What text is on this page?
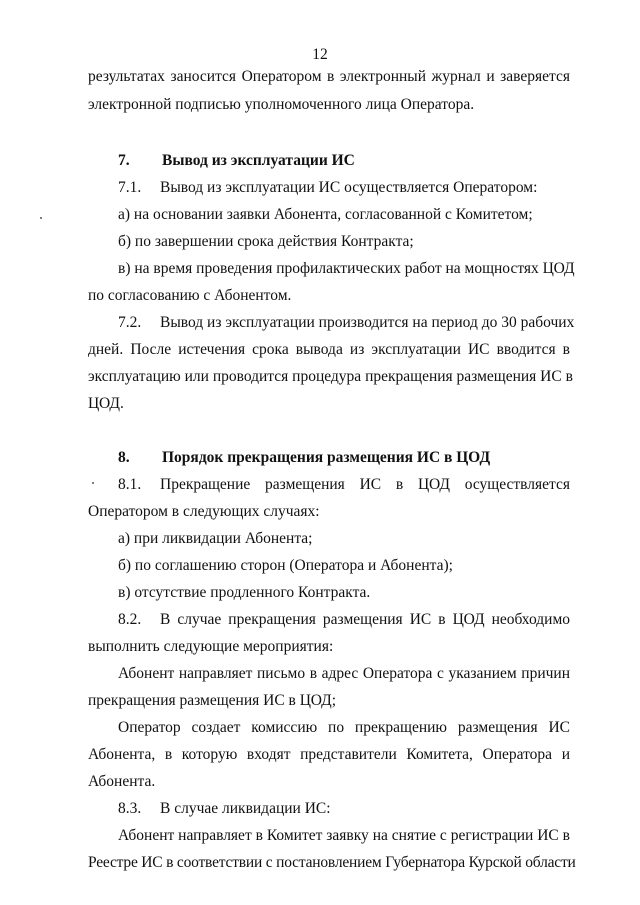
12
результатах заносится Оператором в электронный журнал и заверяется
электронной подписью уполномоченного лица Оператора.
7. Вывод из эксплуатации ИС
7.1. Вывод из эксплуатации ИС осуществляется Оператором:
а) на основании заявки Абонента, согласованной с Комитетом;
б) по завершении срока действия Контракта;
в) на время проведения профилактических работ на мощностях ЦОД
по согласованию с Абонентом.
7.2. Вывод из эксплуатации производится на период до 30 рабочих
дней. После истечения срока вывода из эксплуатации ИС вводится в
эксплуатацию или проводится процедура прекращения размещения ИС в
ЦОД.
8. Порядок прекращения размещения ИС в ЦОД
8.1. Прекращение размещения ИС в ЦОД осуществляется
Оператором в следующих случаях:
а) при ликвидации Абонента;
б) по соглашению сторон (Оператора и Абонента);
в) отсутствие продленного Контракта.
8.2. В случае прекращения размещения ИС в ЦОД необходимо
выполнить следующие мероприятия:
Абонент направляет письмо в адрес Оператора с указанием причин
прекращения размещения ИС в ЦОД;
Оператор создает комиссию по прекращению размещения ИС
Абонента, в которую входят представители Комитета, Оператора и
Абонента.
8.3. В случае ликвидации ИС:
Абонент направляет в Комитет заявку на снятие с регистрации ИС в
Реестре ИС в соответствии с постановлением Губернатора Курской области
